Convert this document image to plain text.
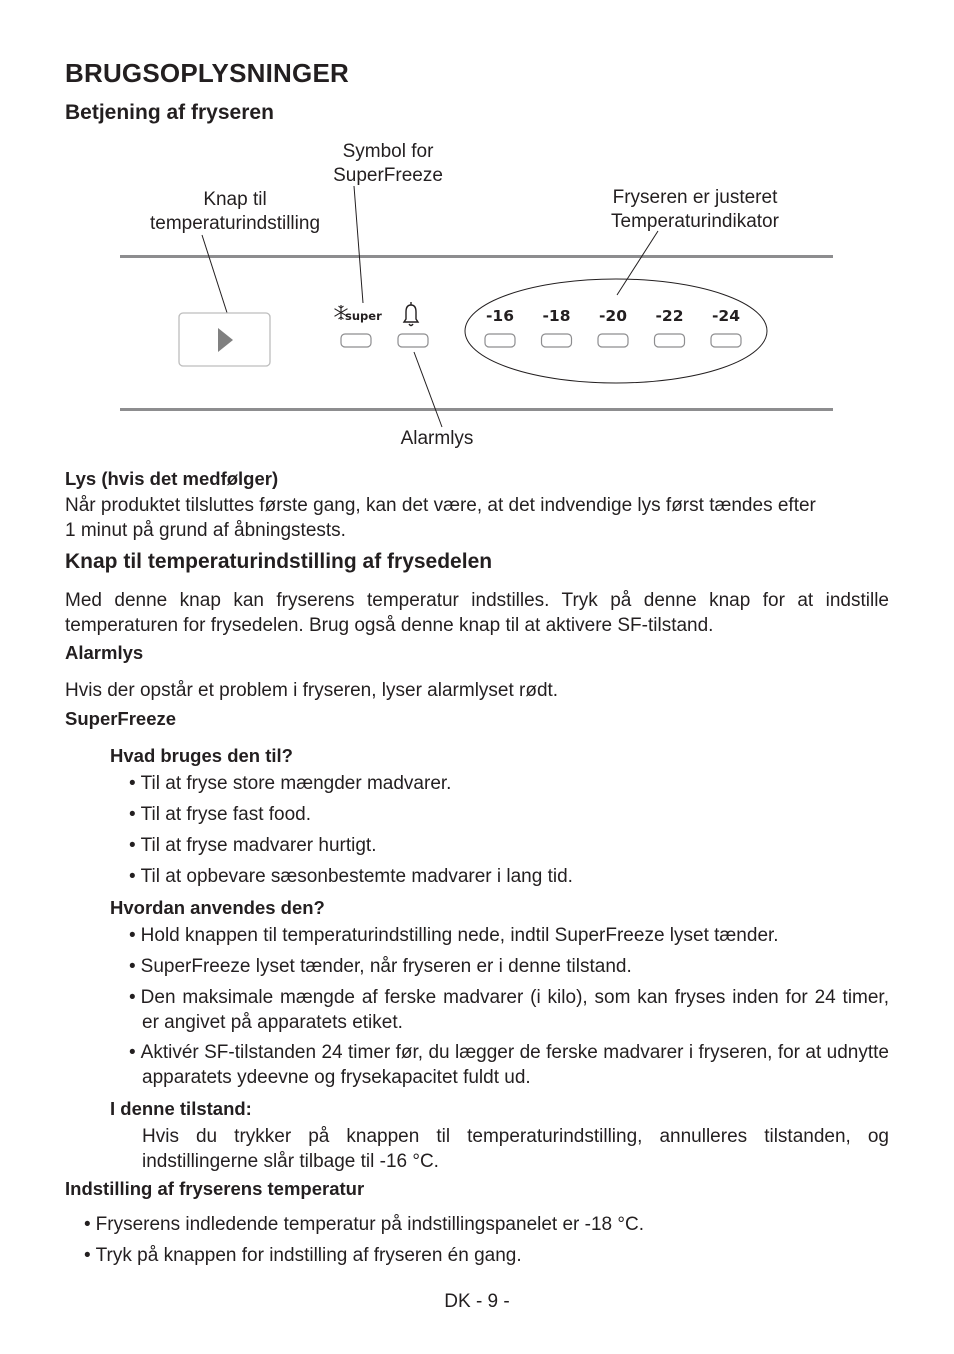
BRUGSOPLYSNINGER
Betjening af fryseren
Symbol for
SuperFreeze
Knap til
temperaturindstilling
Fryseren er justeret
Temperaturindikator
Alarmlys
super	-16 -18 -20 -22 -24
Lys (hvis det medfølger)
Når produktet tilsluttes første gang, kan det være, at det indvendige lys først tændes efter
1 minut på grund af åbningstests.
Knap til temperaturindstilling af frysedelen
Med denne knap kan fryserens temperatur indstilles. Tryk på denne knap for at indstille temperaturen for frysedelen. Brug også denne knap til at aktivere SF-tilstand.
Alarmlys
Hvis der opstår et problem i fryseren, lyser alarmlyset rødt.
SuperFreeze
Hvad bruges den til?
• Til at fryse store mængder madvarer.
• Til at fryse fast food.
• Til at fryse madvarer hurtigt.
• Til at opbevare sæsonbestemte madvarer i lang tid.
Hvordan anvendes den?
• Hold knappen til temperaturindstilling nede, indtil SuperFreeze lyset tænder.
• SuperFreeze lyset tænder, når fryseren er i denne tilstand.
• Den maksimale mængde af ferske madvarer (i kilo), som kan fryses inden for 24 timer, er angivet på apparatets etiket.
• Aktivér SF-tilstanden 24 timer før, du lægger de ferske madvarer i fryseren, for at udnytte apparatets ydeevne og frysekapacitet fuldt ud.
I denne tilstand:
Hvis du trykker på knappen til temperaturindstilling, annulleres tilstanden, og indstillingerne slår tilbage til -16 °C.
Indstilling af fryserens temperatur
• Fryserens indledende temperatur på indstillingspanelet er -18 °C.
• Tryk på knappen for indstilling af fryseren én gang.
DK - 9 -
